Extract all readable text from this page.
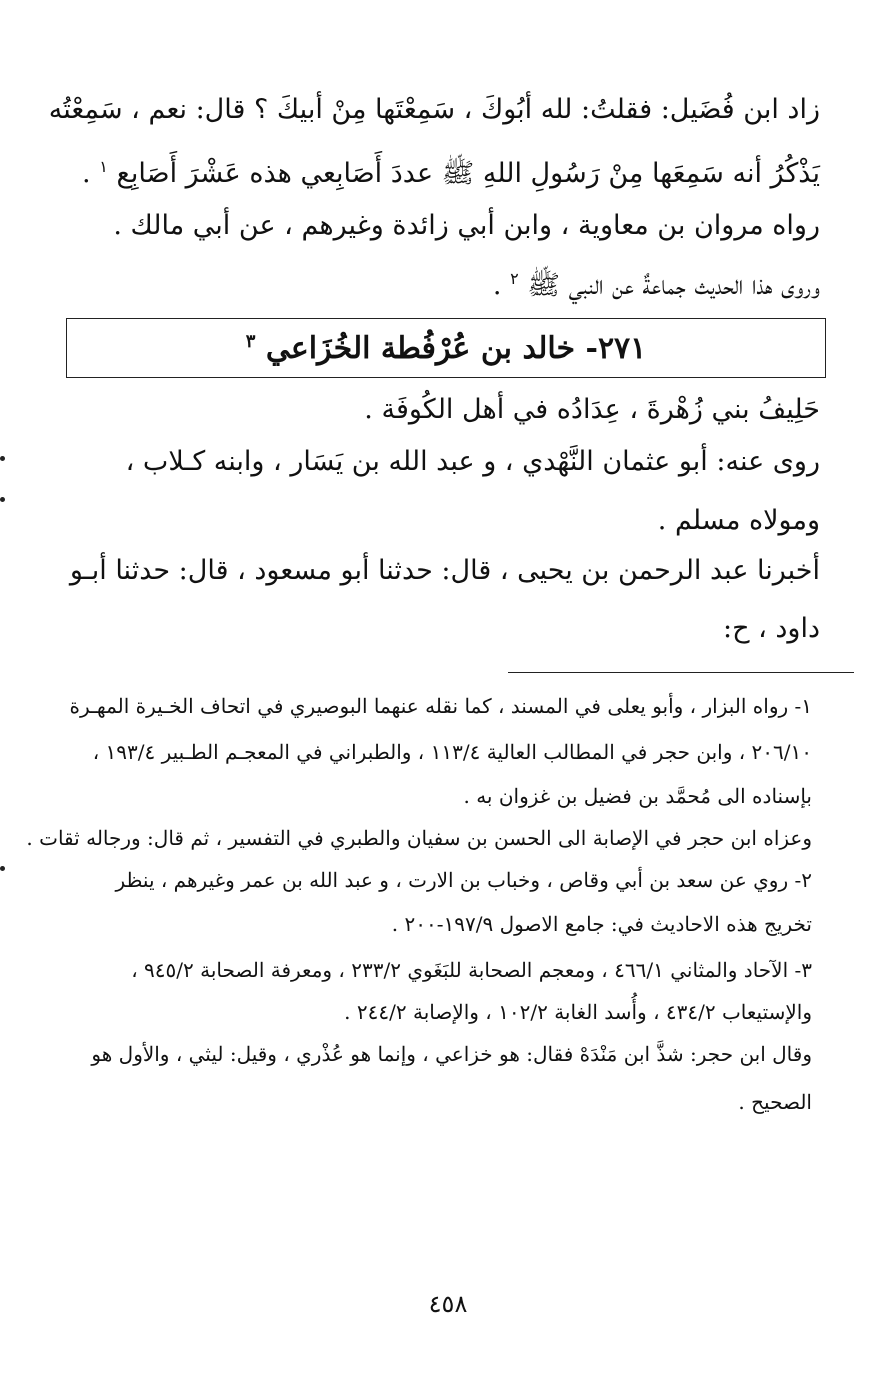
زاد ابن فُضَيل: فقلتُ: لله أبُوكَ ، سَمِعْتَها مِنْ أبيكَ ؟ قال: نعم ، سَمِعْتُه
يَذْكُرُ أنه سَمِعَها مِنْ رَسُولِ اللهِ ﷺ عددَ أَصَابِعي هذه عَشْرَ أَصَابِع $^١$ .
رواه مروان بن معاوية ، وابن أبي زائدة وغيرهم ، عن أبي مالك .
وروى هذا الحديث جماعةٌ عن النبي ﷺ $^٢$ .
٢٧١- خالد بن عُرْفُطة الخُزَاعي $^٣$
حَلِيفُ بني زُهْرةَ ، عِدَادُه في أهل الكُوفَة .
روى عنه: أبو عثمان النَّهْدي ، و عبد الله بن يَسَار ، وابنه كـلاب ،
ومولاه مسلم .
أخبرنا عبد الرحمن بن يحيى ، قال: حدثنا أبو مسعود ، قال: حدثنا أبـو
داود ، ح:
١- رواه البزار ، وأبو يعلى في المسند ، كما نقله عنهما البوصيري في اتحاف الخـيرة المهـرة
٢٠٦/١٠ ، وابن حجر في المطالب العالية ١١٣/٤ ، والطبراني في المعجـم الطـبير ١٩٣/٤ ،
بإسناده الى مُحمَّد بن فضيل بن غزوان به .
وعزاه ابن حجر في الإصابة الى الحسن بن سفيان والطبري في التفسير ، ثم قال: ورجاله ثقات .
٢- روي عن سعد بن أبي وقاص ، وخباب بن الارت ، و عبد الله بن عمر وغيرهم ، ينظر
تخريج هذه الاحاديث في: جامع الاصول ١٩٧/٩-٢٠٠ .
٣- الآحاد والمثاني ٤٦٦/١ ، ومعجم الصحابة للبَغَوي ٢٣٣/٢ ، ومعرفة الصحابة ٩٤٥/٢ ،
والإستيعاب ٤٣٤/٢ ، وأُسد الغابة ١٠٢/٢ ، والإصابة ٢٤٤/٢ .
وقال ابن حجر: شذَّ ابن مَنْدَهْ فقال: هو خزاعي ، وإنما هو عُذْري ، وقيل: ليثي ، والأول هو
الصحيح .
٤٥٨
